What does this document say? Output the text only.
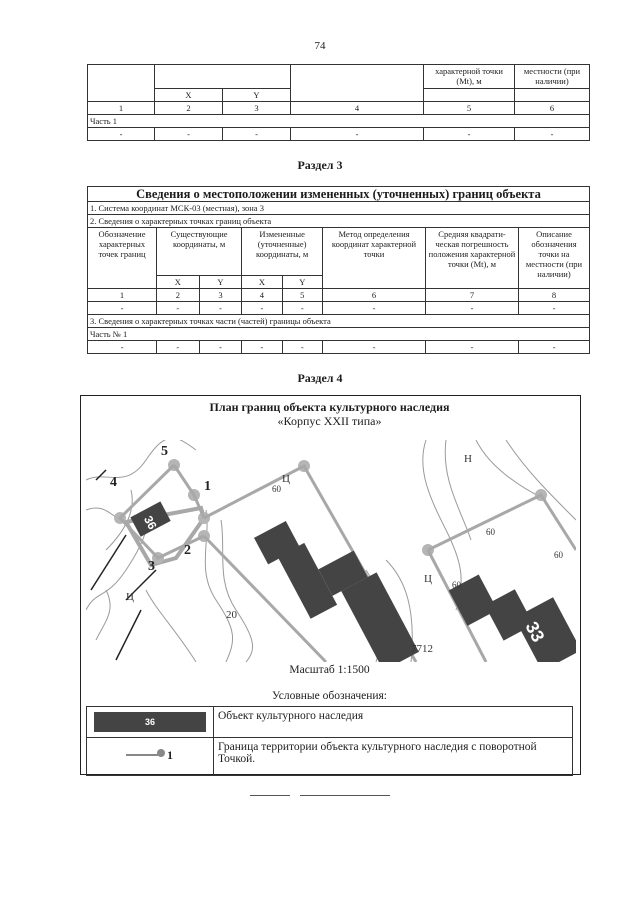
74
				характерной точки (Mt), м	местности (при наличии)
	X	Y			
1	2	3	4	5	6
Часть 1					
-	-	-	-	-	-
Раздел 3
Сведения о местоположении измененных (уточненных) границ объекта							
1. Система координат МСК-03 (местная), зона 3							
2. Сведения о характерных точках границ объекта							
Обозначение характерных точек границ	Существующие координаты, м		Измененные (уточненные) координаты, м		Метод определения координат характерной точки	Средняя квадрати-ческая погрешность положения характерной точки (Mt), м	Описание обозначения точки на местности (при наличии)
	X	Y	X	Y			
1	2	3	4	5	6	7	8
-	-	-	-	-	-	-	-
3. Сведения о характерных точках части (частей) границы объекта							
Часть № 1							
-	-	-	-	-	-	-	-
Раздел 4
План границ объекта культурного наследия
«Корпус XXII типа»
36
32	33
5
1
2
3
4	Ц
Ц
Ц
Н
20
7712
60
60
60
60
Масштаб 1:1500
Условные обозначения:
36	Объект культурного наследия

1	Граница территории объекта культурного наследия с поворотной Точкой.
